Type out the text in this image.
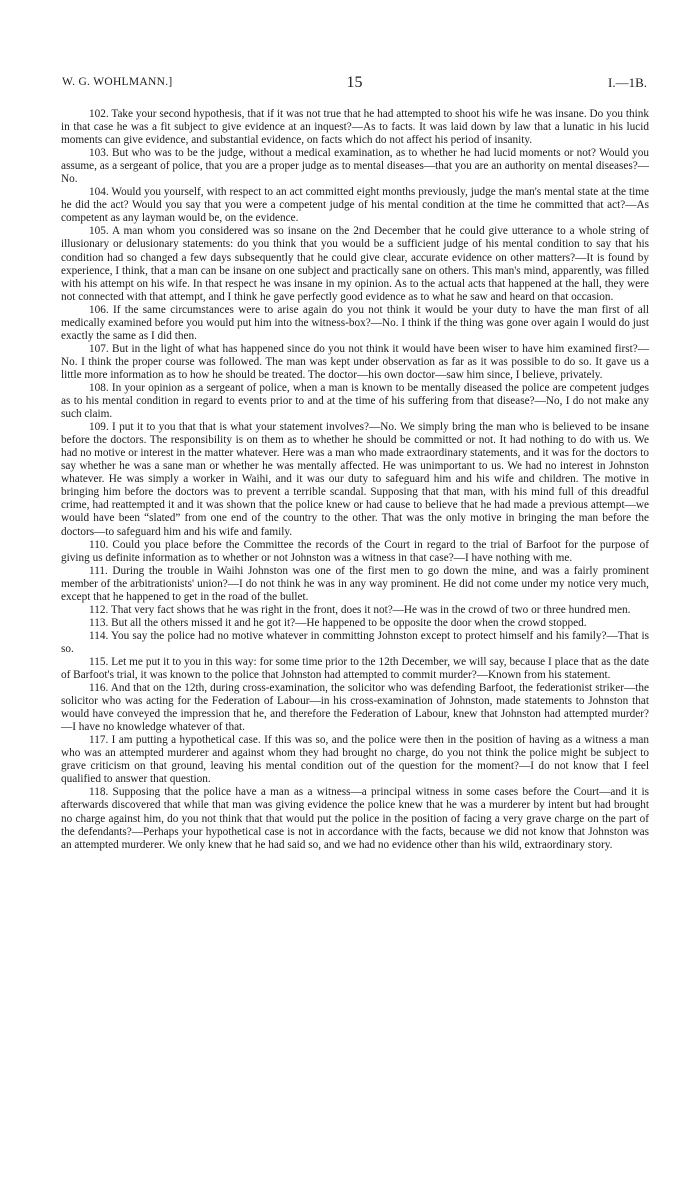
W. G. WOHLMANN.]	15	I.—1B.

102. Take your second hypothesis, that if it was not true that he had attempted to shoot his wife he was insane. Do you think in that case he was a fit subject to give evidence at an inquest?—As to facts. It was laid down by law that a lunatic in his lucid moments can give evidence, and substantial evidence, on facts which do not affect his period of insanity.

103. But who was to be the judge, without a medical examination, as to whether he had lucid moments or not? Would you assume, as a sergeant of police, that you are a proper judge as to mental diseases—that you are an authority on mental diseases?—No.

104. Would you yourself, with respect to an act committed eight months previously, judge the man's mental state at the time he did the act? Would you say that you were a competent judge of his mental condition at the time he committed that act?—As competent as any layman would be, on the evidence.

105. A man whom you considered was so insane on the 2nd December that he could give utterance to a whole string of illusionary or delusionary statements: do you think that you would be a sufficient judge of his mental condition to say that his condition had so changed a few days subsequently that he could give clear, accurate evidence on other matters?—It is found by experience, I think, that a man can be insane on one subject and practically sane on others. This man's mind, apparently, was filled with his attempt on his wife. In that respect he was insane in my opinion. As to the actual acts that happened at the hall, they were not connected with that attempt, and I think he gave perfectly good evidence as to what he saw and heard on that occasion.

106. If the same circumstances were to arise again do you not think it would be your duty to have the man first of all medically examined before you would put him into the witness-box?—No. I think if the thing was gone over again I would do just exactly the same as I did then.

107. But in the light of what has happened since do you not think it would have been wiser to have him examined first?—No. I think the proper course was followed. The man was kept under observation as far as it was possible to do so. It gave us a little more information as to how he should be treated. The doctor—his own doctor—saw him since, I believe, privately.

108. In your opinion as a sergeant of police, when a man is known to be mentally diseased the police are competent judges as to his mental condition in regard to events prior to and at the time of his suffering from that disease?—No, I do not make any such claim.

109. I put it to you that that is what your statement involves?—No. We simply bring the man who is believed to be insane before the doctors. The responsibility is on them as to whether he should be committed or not. It had nothing to do with us. We had no motive or interest in the matter whatever. Here was a man who made extraordinary statements, and it was for the doctors to say whether he was a sane man or whether he was mentally affected. He was unimportant to us. We had no interest in Johnston whatever. He was simply a worker in Waihi, and it was our duty to safeguard him and his wife and children. The motive in bringing him before the doctors was to prevent a terrible scandal. Supposing that that man, with his mind full of this dreadful crime, had reattempted it and it was shown that the police knew or had cause to believe that he had made a previous attempt—we would have been “slated” from one end of the country to the other. That was the only motive in bringing the man before the doctors—to safeguard him and his wife and family.

110. Could you place before the Committee the records of the Court in regard to the trial of Barfoot for the purpose of giving us definite information as to whether or not Johnston was a witness in that case?—I have nothing with me.

111. During the trouble in Waihi Johnston was one of the first men to go down the mine, and was a fairly prominent member of the arbitrationists' union?—I do not think he was in any way prominent. He did not come under my notice very much, except that he happened to get in the road of the bullet.

112. That very fact shows that he was right in the front, does it not?—He was in the crowd of two or three hundred men.

113. But all the others missed it and he got it?—He happened to be opposite the door when the crowd stopped.

114. You say the police had no motive whatever in committing Johnston except to protect himself and his family?—That is so.

115. Let me put it to you in this way: for some time prior to the 12th December, we will say, because I place that as the date of Barfoot's trial, it was known to the police that Johnston had attempted to commit murder?—Known from his statement.

116. And that on the 12th, during cross-examination, the solicitor who was defending Barfoot, the federationist striker—the solicitor who was acting for the Federation of Labour—in his cross-examination of Johnston, made statements to Johnston that would have conveyed the impression that he, and therefore the Federation of Labour, knew that Johnston had attempted murder?—I have no knowledge whatever of that.

117. I am putting a hypothetical case. If this was so, and the police were then in the position of having as a witness a man who was an attempted murderer and against whom they had brought no charge, do you not think the police might be subject to grave criticism on that ground, leaving his mental condition out of the question for the moment?—I do not know that I feel qualified to answer that question.

118. Supposing that the police have a man as a witness—a principal witness in some cases before the Court—and it is afterwards discovered that while that man was giving evidence the police knew that he was a murderer by intent but had brought no charge against him, do you not think that that would put the police in the position of facing a very grave charge on the part of the defendants?—Perhaps your hypothetical case is not in accordance with the facts, because we did not know that Johnston was an attempted murderer. We only knew that he had said so, and we had no evidence other than his wild, extraordinary story.
